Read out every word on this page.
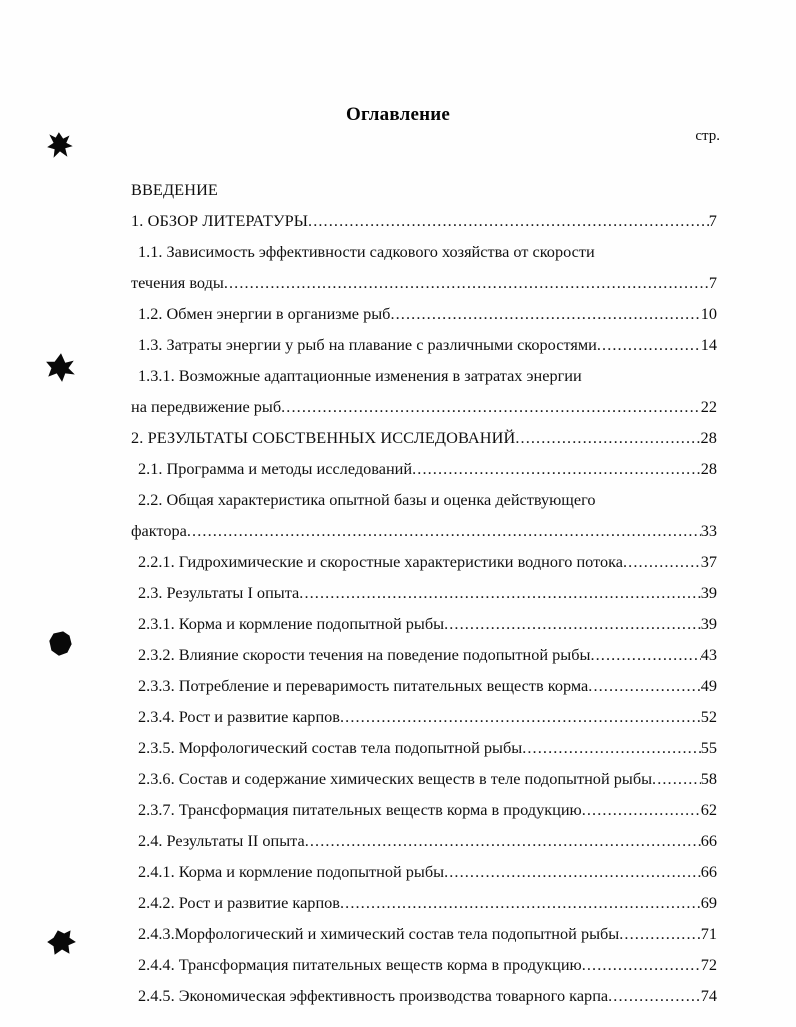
Оглавление
стр.
ВВЕДЕНИЕ
1. ОБЗОР ЛИТЕРАТУРЫ .....	7
1.1. Зависимость эффективности садкового хозяйства от скорости
течения воды .....	7
1.2. Обмен энергии в организме рыб .....	10
1.3. Затраты энергии у рыб на плавание с различными скоростями .....	14
1.3.1. Возможные адаптационные изменения в затратах энергии
на передвижение рыб .....	22
2. РЕЗУЛЬТАТЫ СОБСТВЕННЫХ ИССЛЕДОВАНИЙ .....	28
2.1. Программа и методы исследований .....	28
2.2. Общая характеристика опытной базы и оценка действующего
фактора .....	33
2.2.1. Гидрохимические и скоростные характеристики водного потока .....	37
2.3. Результаты I опыта .....	39
2.3.1. Корма и кормление подопытной рыбы .....	39
2.3.2. Влияние скорости течения на поведение подопытной рыбы .....	43
2.3.3. Потребление и переваримость питательных веществ корма .....	49
2.3.4. Рост и развитие карпов .....	52
2.3.5. Морфологический состав тела подопытной рыбы .....	55
2.3.6. Состав и содержание химических веществ в теле подопытной рыбы .....	58
2.3.7. Трансформация питательных веществ корма в продукцию .....	62
2.4. Результаты II опыта .....	66
2.4.1. Корма и кормление подопытной рыбы .....	66
2.4.2. Рост и развитие карпов .....	69
2.4.3.Морфологический и химический состав тела подопытной рыбы .....	71
2.4.4. Трансформация питательных веществ корма в продукцию .....	72
2.4.5. Экономическая эффективность производства товарного карпа .....	74
